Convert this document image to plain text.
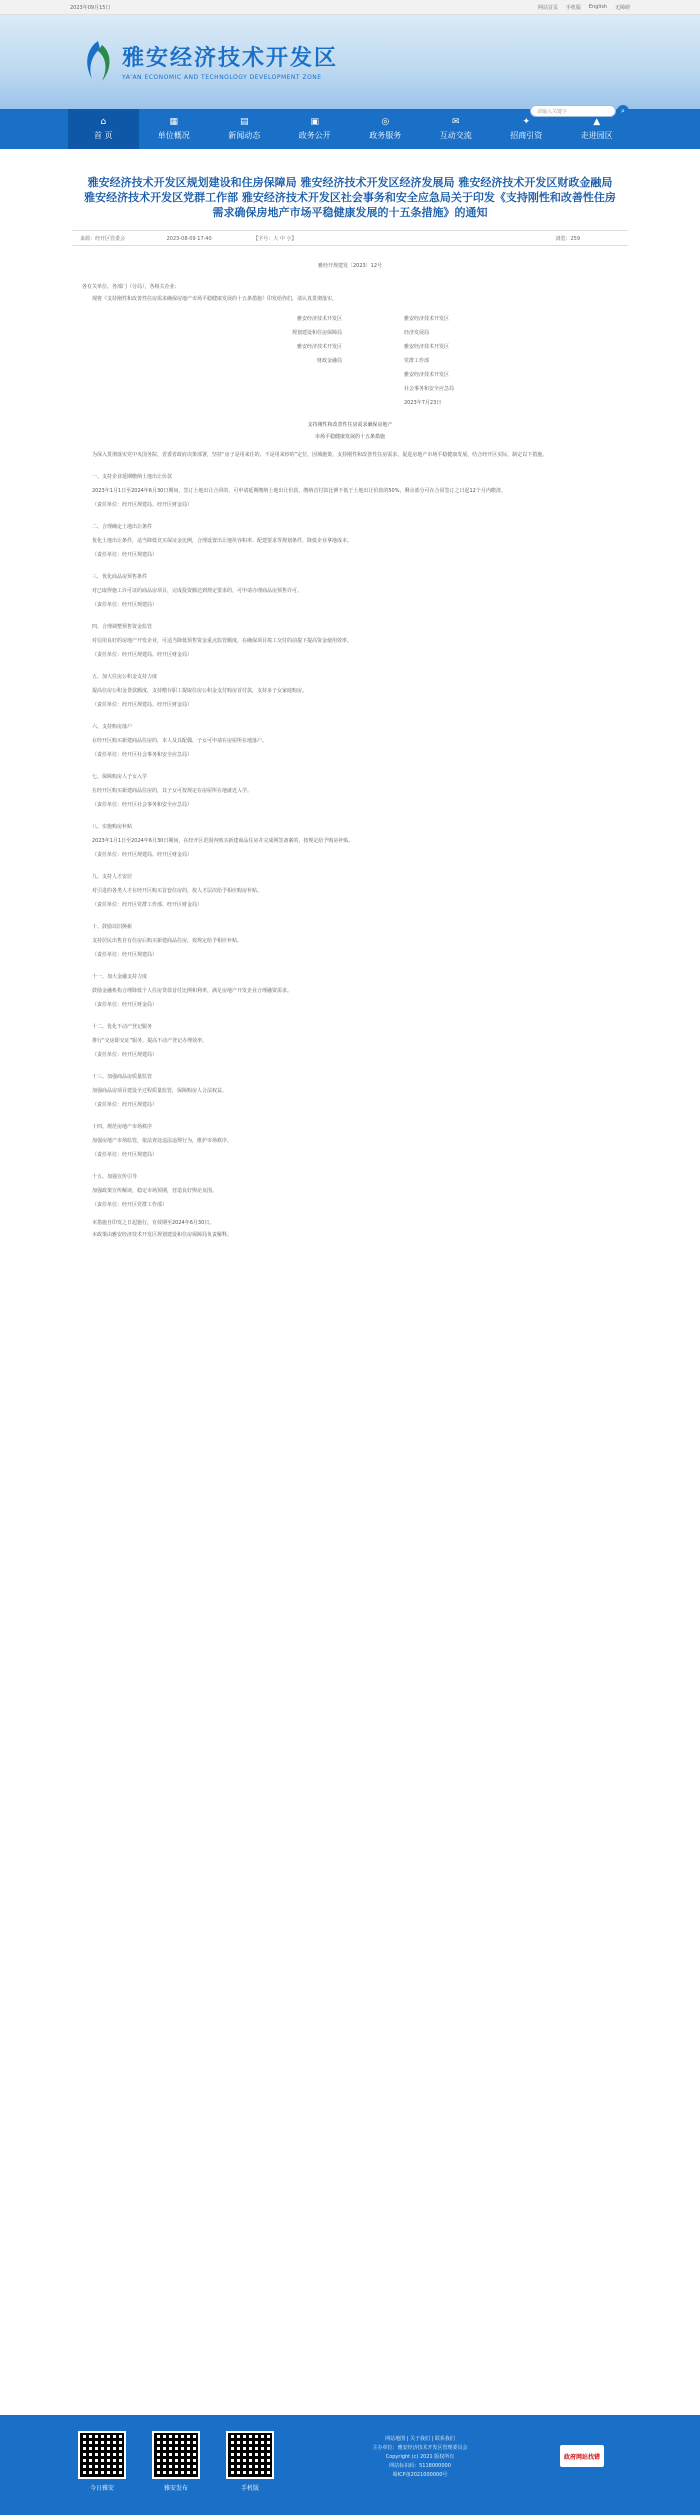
2023年09月15日	网站首页 手机版 English 无障碍
雅安经济技术开发区
YA'AN ECONOMIC AND TECHNOLOGY DEVELOPMENT ZONE
请输入关键字	⌕
⌂
首 页
▦
单位概况
▤
新闻动态
▣
政务公开
◎
政务服务
✉
互动交流
✦
招商引资
▲
走进园区
雅安经济技术开发区规划建设和住房保障局 雅安经济技术开发区经济发展局 雅安经济技术开发区财政金融局 雅安经济技术开发区党群工作部 雅安经济技术开发区社会事务和安全应急局关于印发《支持刚性和改善性住房需求确保房地产市场平稳健康发展的十五条措施》的通知
来源：经开区管委会	2023-08-09 17:40	【字号：大 中 小】	浏览：259
雅经开规建发〔2023〕12号

各有关单位、各部门（分局），各相关企业：

现将《支持刚性和改善性住房需求确保房地产市场平稳健康发展的十五条措施》印发给你们，请认真贯彻落实。

雅安经济技术开发区	雅安经济技术开发区
规划建设和住房保障局	经济发展局
雅安经济技术开发区	雅安经济技术开发区
财政金融局	党群工作部
	雅安经济技术开发区
	社会事务和安全应急局
	2023年7月23日
支持刚性和改善性住房需求确保房地产
市场平稳健康发展的十五条措施

为深入贯彻落实党中央国务院、省委省政府决策部署，坚持“房子是用来住的、不是用来炒的”定位，因城施策，支持刚性和改善性住房需求，促进房地产市场平稳健康发展，结合经开区实际，制定以下措施。

一、支持企业延期缴纳土地出让价款

2023年1月1日至2024年6月30日期间，签订土地出让合同的，可申请延期缴纳土地出让价款，缴纳首付款比例不低于土地出让价款的50%，剩余部分可在合同签订之日起12个月内缴清。

（责任单位：经开区规建局、经开区财金局）

二、合理确定土地出让条件

优化土地出让条件，适当降低竞买保证金比例，合理设置出让地块容积率、配建要求等规划条件，降低企业拿地成本。

（责任单位：经开区规建局）

三、优化商品房预售条件

对已取得施工许可证的商品房项目，完成投资额达到规定要求的，可申请办理商品房预售许可。

（责任单位：经开区规建局）

四、合理调整预售资金监管

对信用良好的房地产开发企业，可适当降低预售资金重点监管额度，在确保项目竣工交付的前提下提高资金使用效率。

（责任单位：经开区规建局、经开区财金局）

五、加大住房公积金支持力度

提高住房公积金贷款额度，支持缴存职工提取住房公积金支付购房首付款，支持多子女家庭购房。

（责任单位：经开区规建局、经开区财金局）

六、支持购房落户

在经开区购买新建商品住房的，本人及其配偶、子女可申请在房屋所在地落户。

（责任单位：经开区社会事务和安全应急局）

七、保障购房人子女入学

在经开区购买新建商品住房的，其子女可按规定在房屋所在地就近入学。

（责任单位：经开区社会事务和安全应急局）

八、实施购房补贴

2023年1月1日至2024年6月30日期间，在经开区范围内购买新建商品住房并完成网签备案的，按规定给予购房补贴。

（责任单位：经开区规建局、经开区财金局）

九、支持人才安居

对引进的各类人才在经开区购买首套住房的，按人才层次给予相应购房补贴。

（责任单位：经开区党群工作部、经开区财金局）

十、鼓励以旧换新

支持居民出售自有住房后购买新建商品住房，按规定给予相应补贴。

（责任单位：经开区规建局）

十一、加大金融支持力度

鼓励金融机构合理降低个人住房贷款首付比例和利率，满足房地产开发企业合理融资需求。

（责任单位：经开区财金局）

十二、优化不动产登记服务

推行“交房即交证”服务，提高不动产登记办理效率。

（责任单位：经开区规建局）

十三、加强商品房质量监管

加强商品房项目建设全过程质量监管，保障购房人合法权益。

（责任单位：经开区规建局）

十四、规范房地产市场秩序

加强房地产市场监管，依法查处违法违规行为，维护市场秩序。

（责任单位：经开区规建局）

十五、加强宣传引导

加强政策宣传解读，稳定市场预期，营造良好舆论氛围。

（责任单位：经开区党群工作部）

本措施自印发之日起施行，有效期至2024年6月30日。

本政策由雅安经济技术开发区规划建设和住房保障局负责解释。

今日雅安	雅安发布	手机版
网站地图 | 关于我们 | 联系我们
主办单位：雅安经济技术开发区管理委员会
Copyright (c) 2021 版权所有
网站标识码：5118000000
蜀ICP备2021000000号
政府网站找错
